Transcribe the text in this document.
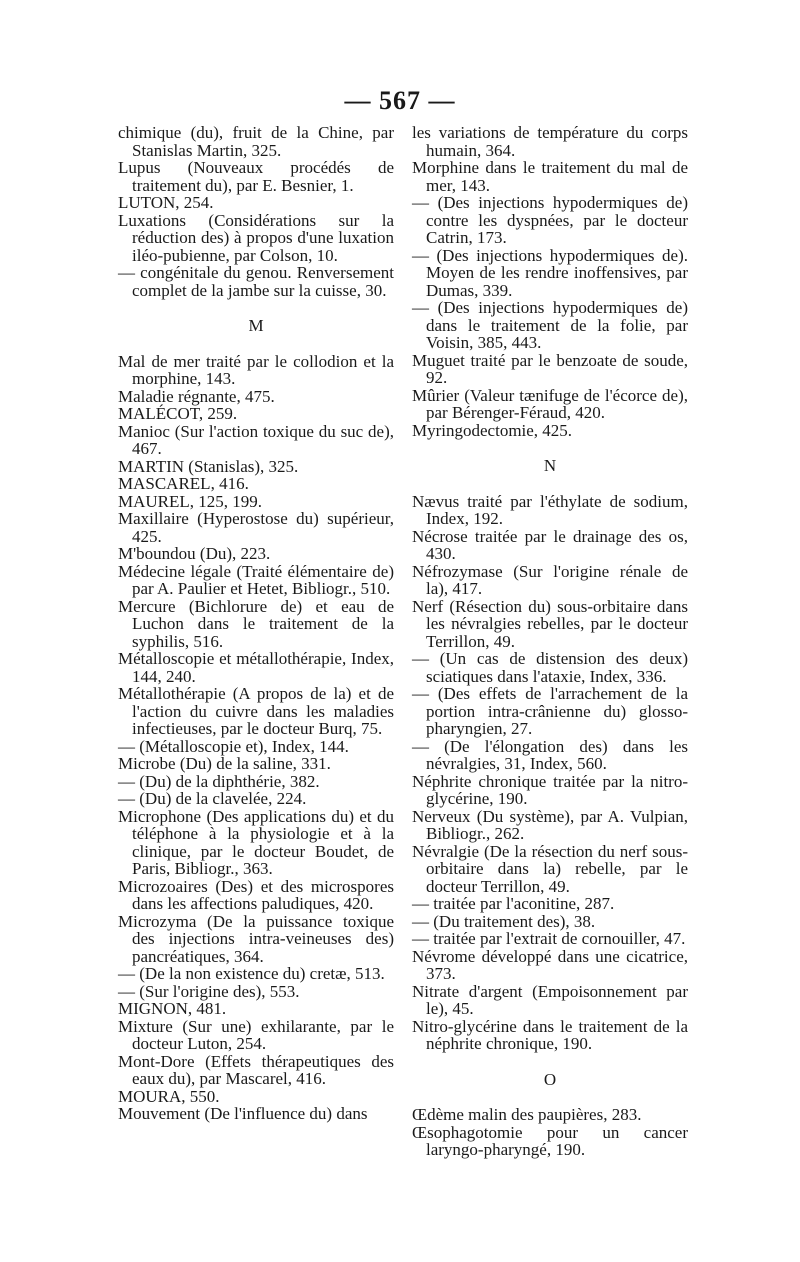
— 567 —
chimique (du), fruit de la Chine, par Stanislas Martin, 325.
Lupus (Nouveaux procédés de traitement du), par E. Besnier, 1.
LUTON, 254.
Luxations (Considérations sur la réduction des) à propos d'une luxation iléo-pubienne, par Colson, 10.
— congénitale du genou. Renversement complet de la jambe sur la cuisse, 30.
M
Mal de mer traité par le collodion et la morphine, 143.
Maladie régnante, 475.
MALÉCOT, 259.
Manioc (Sur l'action toxique du suc de), 467.
MARTIN (Stanislas), 325.
MASCAREL, 416.
MAUREL, 125, 199.
Maxillaire (Hyperostose du) supérieur, 425.
M'boundou (Du), 223.
Médecine légale (Traité élémentaire de) par A. Paulier et Hetet, Bibliogr., 510.
Mercure (Bichlorure de) et eau de Luchon dans le traitement de la syphilis, 516.
Métalloscopie et métallothérapie, Index, 144, 240.
Métallothérapie (A propos de la) et de l'action du cuivre dans les maladies infectieuses, par le docteur Burq, 75.
— (Métalloscopie et), Index, 144.
Microbe (Du) de la saline, 331.
— (Du) de la diphthérie, 382.
— (Du) de la clavelée, 224.
Microphone (Des applications du) et du téléphone à la physiologie et à la clinique, par le docteur Boudet, de Paris, Bibliogr., 363.
Microzoaires (Des) et des microspores dans les affections paludiques, 420.
Microzyma (De la puissance toxique des injections intra-veineuses des) pancréatiques, 364.
— (De la non existence du) cretæ, 513.
— (Sur l'origine des), 553.
MIGNON, 481.
Mixture (Sur une) exhilarante, par le docteur Luton, 254.
Mont-Dore (Effets thérapeutiques des eaux du), par Mascarel, 416.
MOURA, 550.
Mouvement (De l'influence du) dans
les variations de température du corps humain, 364.
Morphine dans le traitement du mal de mer, 143.
— (Des injections hypodermiques de) contre les dyspnées, par le docteur Catrin, 173.
— (Des injections hypodermiques de). Moyen de les rendre inoffensives, par Dumas, 339.
— (Des injections hypodermiques de) dans le traitement de la folie, par Voisin, 385, 443.
Muguet traité par le benzoate de soude, 92.
Mûrier (Valeur tænifuge de l'écorce de), par Bérenger-Féraud, 420.
Myringodectomie, 425.
N
Nævus traité par l'éthylate de sodium, Index, 192.
Nécrose traitée par le drainage des os, 430.
Néfrozymase (Sur l'origine rénale de la), 417.
Nerf (Résection du) sous-orbitaire dans les névralgies rebelles, par le docteur Terrillon, 49.
— (Un cas de distension des deux) sciatiques dans l'ataxie, Index, 336.
— (Des effets de l'arrachement de la portion intra-crânienne du) glosso-pharyngien, 27.
— (De l'élongation des) dans les névralgies, 31, Index, 560.
Néphrite chronique traitée par la nitro-glycérine, 190.
Nerveux (Du système), par A. Vulpian, Bibliogr., 262.
Névralgie (De la résection du nerf sous-orbitaire dans la) rebelle, par le docteur Terrillon, 49.
— traitée par l'aconitine, 287.
— (Du traitement des), 38.
— traitée par l'extrait de cornouiller, 47.
Névrome développé dans une cicatrice, 373.
Nitrate d'argent (Empoisonnement par le), 45.
Nitro-glycérine dans le traitement de la néphrite chronique, 190.
O
Œdème malin des paupières, 283.
Œsophagotomie pour un cancer laryngo-pharyngé, 190.
